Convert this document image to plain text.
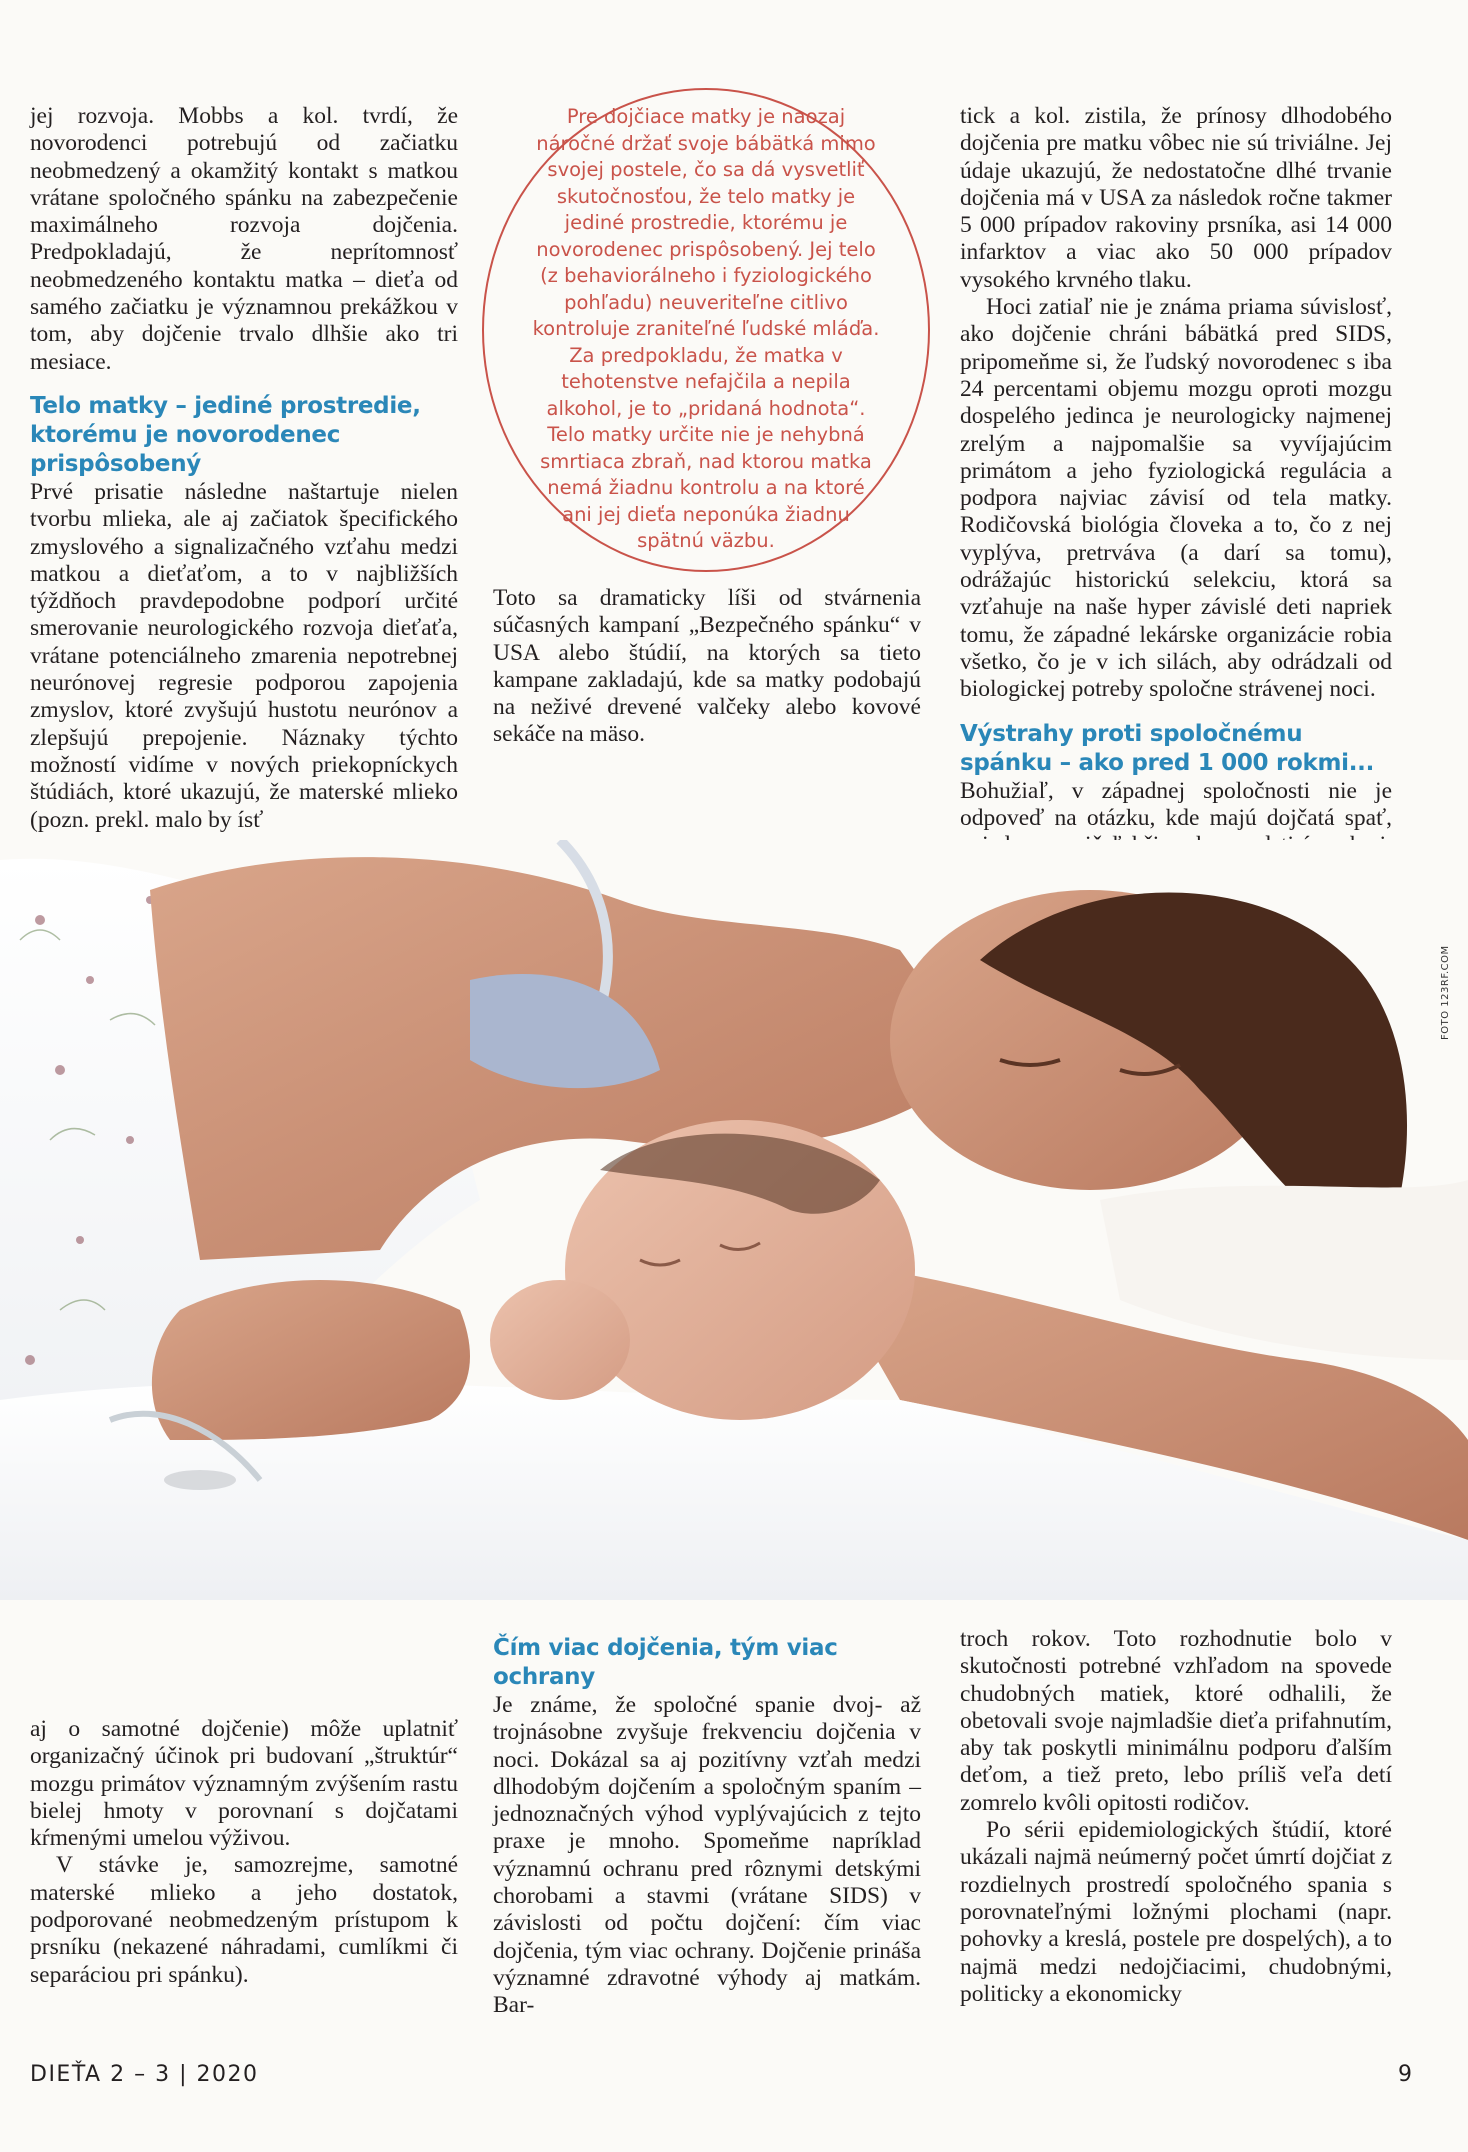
jej rozvoja. Mobbs a kol. tvrdí, že novorodenci potrebujú od začiatku neobmedzený a okamžitý kontakt s matkou vrátane spoločného spánku na zabezpečenie maximálneho rozvoja dojčenia. Predpokladajú, že neprítomnosť neobmedzeného kontaktu matka – dieťa od samého začiatku je významnou prekážkou v tom, aby dojčenie trvalo dlhšie ako tri mesiace.

Telo matky – jediné prostredie, ktorému je novorodenec prispôsobený

Prvé prisatie následne naštartuje nielen tvorbu mlieka, ale aj začiatok špecifického zmyslového a signalizačného vzťahu medzi matkou a dieťaťom, a to v najbližších týždňoch pravdepodobne podporí určité smerovanie neurologického rozvoja dieťaťa, vrátane potenciálneho zmarenia nepotrebnej neurónovej regresie podporou zapojenia zmyslov, ktoré zvyšujú hustotu neurónov a zlepšujú prepojenie. Náznaky týchto možností vidíme v nových priekopníckych štúdiách, ktoré ukazujú, že materské mlieko (pozn. prekl. malo by ísť

Pre dojčiace matky je naozaj náročné držať svoje bábätká mimo svojej postele, čo sa dá vysvetliť skutočnosťou, že telo matky je jediné prostredie, ktorému je novorodenec prispôsobený. Jej telo (z behaviorálneho i fyziologického pohľadu) neuveriteľne citlivo kontroluje zraniteľné ľudské mláďa. Za predpokladu, že matka v tehotenstve nefajčila a nepila alkohol, je to „pridaná hodnota“. Telo matky určite nie je nehybná smrtiaca zbraň, nad ktorou matka nemá žiadnu kontrolu a na ktoré ani jej dieťa neponúka žiadnu spätnú väzbu.

Toto sa dramaticky líši od stvárnenia súčasných kampaní „Bezpečného spánku“ v USA alebo štúdií, na ktorých sa tieto kampane zakladajú, kde sa matky podobajú na neživé drevené valčeky alebo kovové sekáče na mäso.

tick a kol. zistila, že prínosy dlhodobého dojčenia pre matku vôbec nie sú triviálne. Jej údaje ukazujú, že nedostatočne dlhé trvanie dojčenia má v USA za následok ročne takmer 5 000 prípadov rakoviny prsníka, asi 14 000 infarktov a viac ako 50 000 prípadov vysokého krvného tlaku.

Hoci zatiaľ nie je známa priama súvislosť, ako dojčenie chráni bábätká pred SIDS, pripomeňme si, že ľudský novorodenec s iba 24 percentami objemu mozgu oproti mozgu dospelého jedinca je neurologicky najmenej zrelým a najpomalšie sa vyvíjajúcim primátom a jeho fyziologická regulácia a podpora najviac závisí od tela matky. Rodičovská biológia človeka a to, čo z nej vyplýva, pretrváva (a darí sa tomu), odrážajúc historickú selekciu, ktorá sa vzťahuje na naše hyper závislé deti napriek tomu, že západné lekárske organizácie robia všetko, čo je v ich silách, aby odrádzali od biologickej potreby spoločne strávenej noci.

Výstrahy proti spoločnému spánku – ako pred 1 000 rokmi...

Bohužiaľ, v západnej spoločnosti nie je odpoveď na otázku, kde majú dojčatá spať,

FOTO 123RF.COM

aj o samotné dojčenie) môže uplatniť organizačný účinok pri budovaní „štruktúr“ mozgu primátov významným zvýšením rastu bielej hmoty v porovnaní s dojčatami kŕmenými umelou výživou.

V stávke je, samozrejme, samotné materské mlieko a jeho dostatok, podporované neobmedzeným prístupom k prsníku (nekazené náhradami, cumlíkmi či separáciou pri spánku).

Čím viac dojčenia, tým viac ochrany

Je známe, že spoločné spanie dvoj- až trojnásobne zvyšuje frekvenciu dojčenia v noci. Dokázal sa aj pozitívny vzťah medzi dlhodobým dojčením a spoločným spaním – jednoznačných výhod vyplývajúcich z tejto praxe je mnoho. Spomeňme napríklad významnú ochranu pred rôznymi detskými chorobami a stavmi (vrátane SIDS) v závislosti od počtu dojčení: čím viac dojčenia, tým viac ochrany. Dojčenie prináša významné zdravotné výhody aj matkám. Bar-

troch rokov. Toto rozhodnutie bolo v skutočnosti potrebné vzhľadom na spovede chudobných matiek, ktoré odhalili, že obetovali svoje najmladšie dieťa prifahnutím, aby tak poskytli minimálnu podporu ďalším deťom, a tiež preto, lebo príliš veľa detí zomrelo kvôli opitosti rodičov.

Po sérii epidemiologických štúdií, ktoré ukázali najmä neúmerný počet úmrtí dojčiat z rozdielnych prostredí spoločného spania s porovnateľnými ložnými plochami (napr. pohovky a kreslá, postele pre dospelých), a to najmä medzi nedojčiacimi, chudobnými, politicky a ekonomicky

DIEŤA 2 – 3 | 2020	9
